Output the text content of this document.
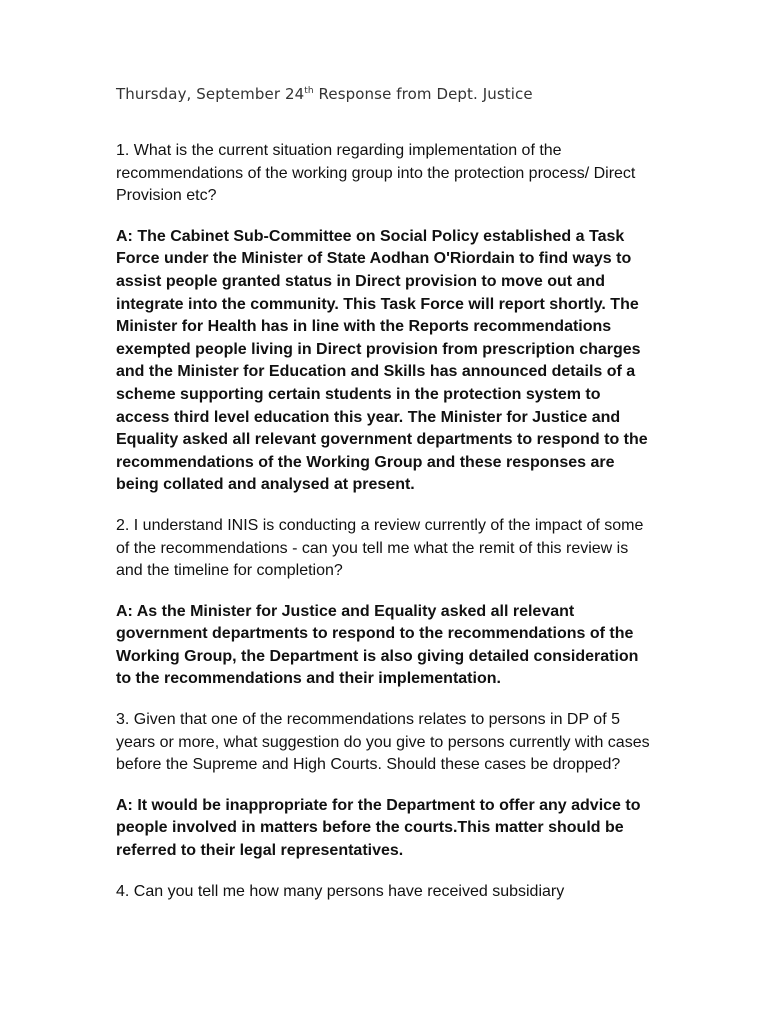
Thursday, September 24th Response from Dept. Justice

1. What is the current situation regarding implementation of the recommendations of the working group into the protection process/ Direct Provision etc?

A: The Cabinet Sub-Committee on Social Policy established a Task Force under the Minister of State Aodhan O'Riordain to find ways to assist people granted status in Direct provision to move out and integrate into the community. This Task Force will report shortly. The Minister for Health has in line with the Reports recommendations exempted people living in Direct provision from prescription charges and the Minister for Education and Skills has announced details of a scheme supporting certain students in the protection system to access third level education this year. The Minister for Justice and Equality asked all relevant government departments to respond to the recommendations of the Working Group and these responses are being collated and analysed at present.

2. I understand INIS is conducting a review currently of the impact of some of the recommendations - can you tell me what the remit of this review is and the timeline for completion?

A: As the Minister for Justice and Equality asked all relevant government departments to respond to the recommendations of the Working Group, the Department is also giving detailed consideration to the recommendations and their implementation.

3. Given that one of the recommendations relates to persons in DP of 5 years or more, what suggestion do you give to persons currently with cases before the Supreme and High Courts. Should these cases be dropped?

A: It would be inappropriate for the Department to offer any advice to people involved in matters before the courts.This matter should be referred to their legal representatives.

4. Can you tell me how many persons have received subsidiary
